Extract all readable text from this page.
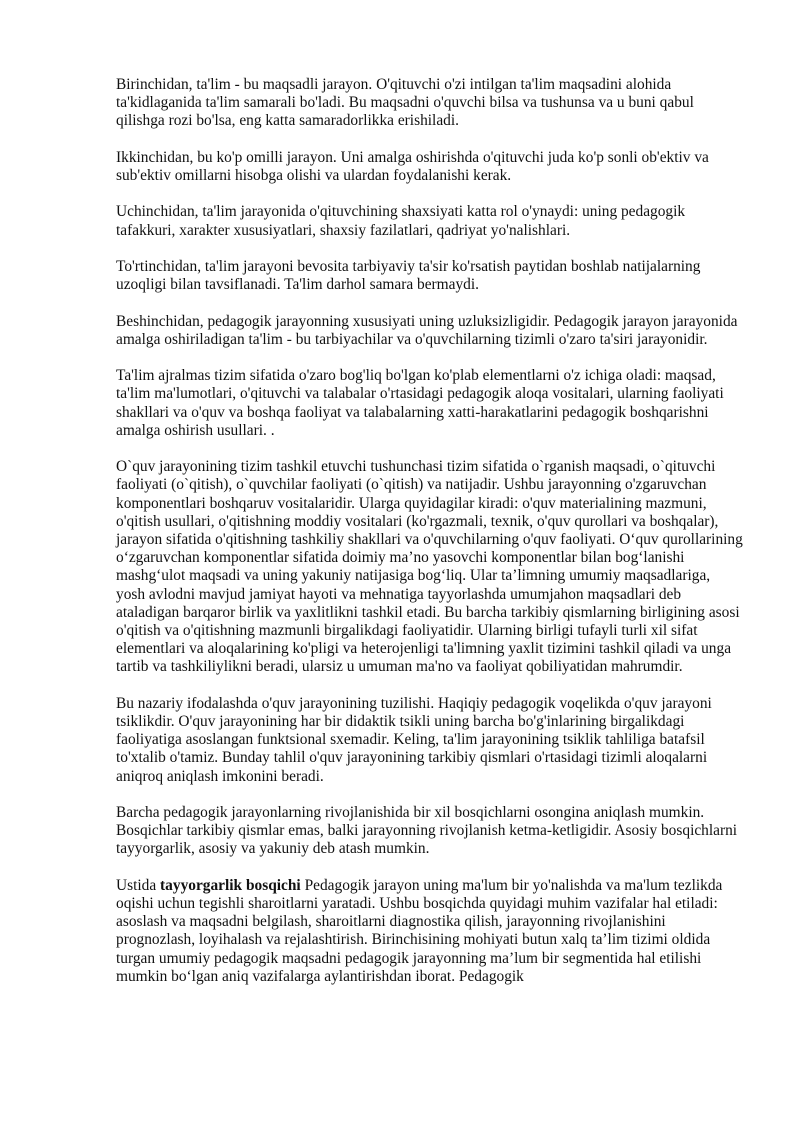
Birinchidan, ta'lim - bu maqsadli jarayon. O'qituvchi o'zi intilgan ta'lim maqsadini alohida ta'kidlaganida ta'lim samarali bo'ladi. Bu maqsadni o'quvchi bilsa va tushunsa va u buni qabul qilishga rozi bo'lsa, eng katta samaradorlikka erishiladi.

Ikkinchidan, bu ko'p omilli jarayon. Uni amalga oshirishda o'qituvchi juda ko'p sonli ob'ektiv va sub'ektiv omillarni hisobga olishi va ulardan foydalanishi kerak.

Uchinchidan, ta'lim jarayonida o'qituvchining shaxsiyati katta rol o'ynaydi: uning pedagogik tafakkuri, xarakter xususiyatlari, shaxsiy fazilatlari, qadriyat yo'nalishlari.

To'rtinchidan, ta'lim jarayoni bevosita tarbiyaviy ta'sir ko'rsatish paytidan boshlab natijalarning uzoqligi bilan tavsiflanadi. Ta'lim darhol samara bermaydi.

Beshinchidan, pedagogik jarayonning xususiyati uning uzluksizligidir. Pedagogik jarayon jarayonida amalga oshiriladigan ta'lim - bu tarbiyachilar va o'quvchilarning tizimli o'zaro ta'siri jarayonidir.

Ta'lim ajralmas tizim sifatida o'zaro bog'liq bo'lgan ko'plab elementlarni o'z ichiga oladi: maqsad, ta'lim ma'lumotlari, o'qituvchi va talabalar o'rtasidagi pedagogik aloqa vositalari, ularning faoliyati shakllari va o'quv va boshqa faoliyat va talabalarning xatti-harakatlarini pedagogik boshqarishni amalga oshirish usullari. .

O`quv jarayonining tizim tashkil etuvchi tushunchasi tizim sifatida o`rganish maqsadi, o`qituvchi faoliyati (o`qitish), o`quvchilar faoliyati (o`qitish) va natijadir. Ushbu jarayonning o'zgaruvchan komponentlari boshqaruv vositalaridir. Ularga quyidagilar kiradi: o'quv materialining mazmuni, o'qitish usullari, o'qitishning moddiy vositalari (ko'rgazmali, texnik, o'quv qurollari va boshqalar), jarayon sifatida o'qitishning tashkiliy shakllari va o'quvchilarning o'quv faoliyati. O‘quv qurollarining o‘zgaruvchan komponentlar sifatida doimiy ma’no yasovchi komponentlar bilan bog‘lanishi mashg‘ulot maqsadi va uning yakuniy natijasiga bog‘liq. Ular ta’limning umumiy maqsadlariga, yosh avlodni mavjud jamiyat hayoti va mehnatiga tayyorlashda umumjahon maqsadlari deb ataladigan barqaror birlik va yaxlitlikni tashkil etadi. Bu barcha tarkibiy qismlarning birligining asosi o'qitish va o'qitishning mazmunli birgalikdagi faoliyatidir. Ularning birligi tufayli turli xil sifat elementlari va aloqalarining ko'pligi va heterojenligi ta'limning yaxlit tizimini tashkil qiladi va unga tartib va tashkiliylikni beradi, ularsiz u umuman ma'no va faoliyat qobiliyatidan mahrumdir.

Bu nazariy ifodalashda o'quv jarayonining tuzilishi. Haqiqiy pedagogik voqelikda o'quv jarayoni tsiklikdir. O'quv jarayonining har bir didaktik tsikli uning barcha bo'g'inlarining birgalikdagi faoliyatiga asoslangan funktsional sxemadir. Keling, ta'lim jarayonining tsiklik tahliliga batafsil to'xtalib o'tamiz. Bunday tahlil o'quv jarayonining tarkibiy qismlari o'rtasidagi tizimli aloqalarni aniqroq aniqlash imkonini beradi.

Barcha pedagogik jarayonlarning rivojlanishida bir xil bosqichlarni osongina aniqlash mumkin. Bosqichlar tarkibiy qismlar emas, balki jarayonning rivojlanish ketma-ketligidir. Asosiy bosqichlarni tayyorgarlik, asosiy va yakuniy deb atash mumkin.

Ustida tayyorgarlik bosqichi Pedagogik jarayon uning ma'lum bir yo'nalishda va ma'lum tezlikda oqishi uchun tegishli sharoitlarni yaratadi. Ushbu bosqichda quyidagi muhim vazifalar hal etiladi: asoslash va maqsadni belgilash, sharoitlarni diagnostika qilish, jarayonning rivojlanishini prognozlash, loyihalash va rejalashtirish. Birinchisining mohiyati butun xalq ta’lim tizimi oldida turgan umumiy pedagogik maqsadni pedagogik jarayonning ma’lum bir segmentida hal etilishi mumkin bo‘lgan aniq vazifalarga aylantirishdan iborat. Pedagogik
